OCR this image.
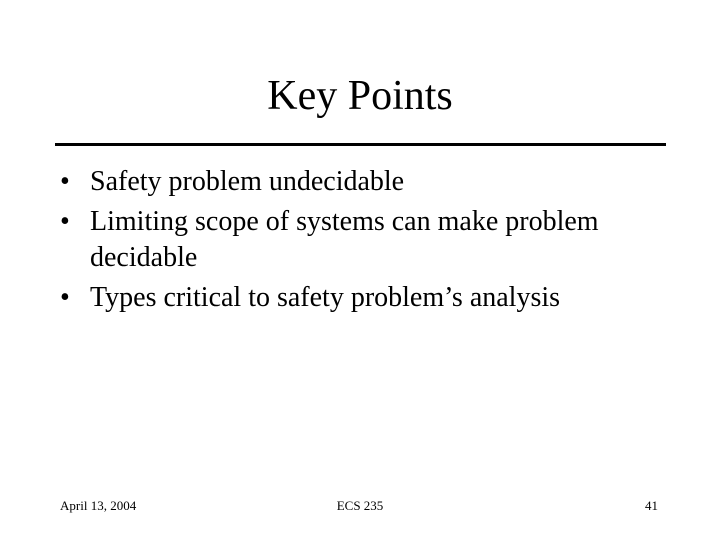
Key Points
• Safety problem undecidable
• Limiting scope of systems can make problem decidable
• Types critical to safety problem’s analysis
April 13, 2004	ECS 235	41
